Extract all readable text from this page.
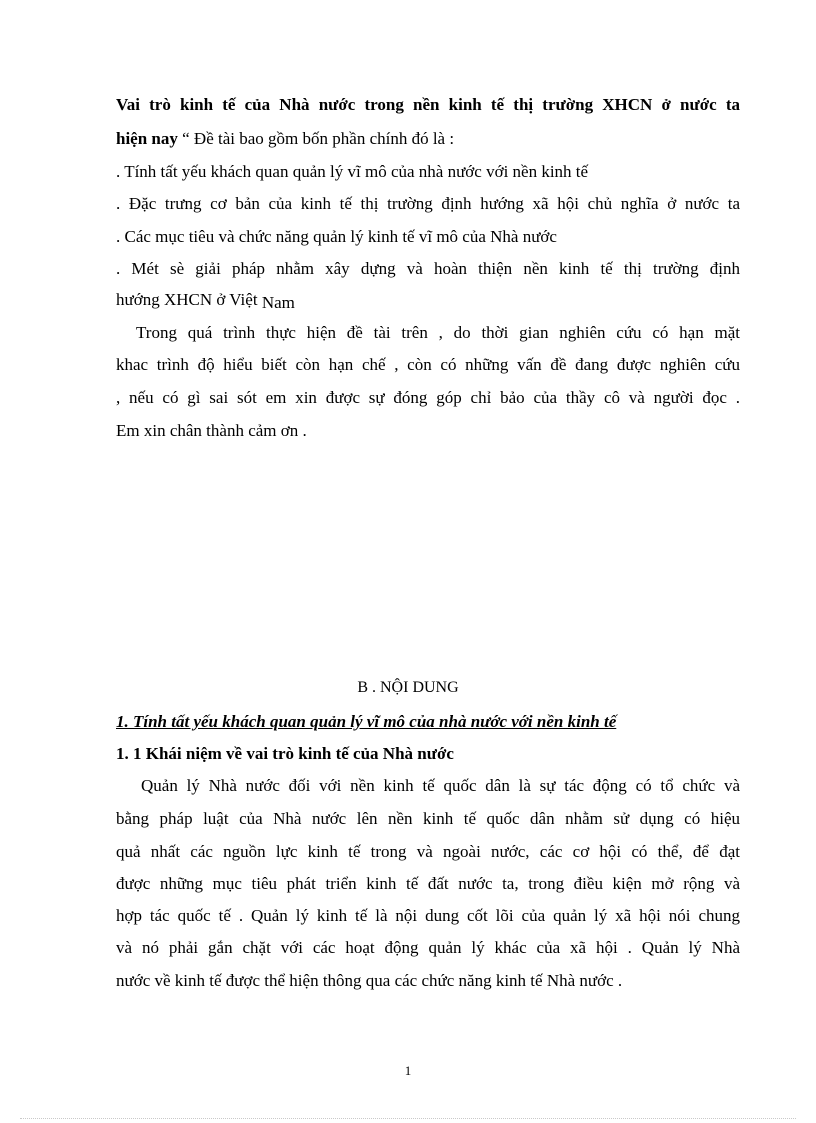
Vai trò kinh tế của Nhà nước trong nền kinh tế thị trường XHCN ở nước ta
hiện nay “ Đề tài bao gồm bốn phần chính đó là :
. Tính tất yếu khách quan quản lý vĩ mô của nhà nước với nền kinh tế
. Đặc trưng cơ bản của kinh tế thị trường định hướng xã hội chủ nghĩa ở nước ta
. Các mục tiêu và chức năng quản lý kinh tế vĩ mô của Nhà nước
. Mét sè giải pháp nhằm xây dựng và hoàn thiện nền kinh tế thị trường định
hướng XHCN ở Việt Nam
Trong quá trình thực hiện đề tài trên , do thời gian nghiên cứu có hạn mặt
khac trình độ hiểu biết còn hạn chế , còn có những vấn đề đang được nghiên cứu
, nếu có gì sai sót em xin được sự đóng góp chỉ bảo của thầy cô và người đọc .
Em xin chân thành cảm ơn .
B . NỘI DUNG
1. Tính tất yếu khách quan quản lý vĩ mô của nhà nước với nền kinh tế
1. 1 Khái niệm về vai trò kinh tế của Nhà nước
Quản lý Nhà nước đối với nền kinh tế quốc dân là sự tác động có tổ chức và
bằng pháp luật của Nhà nước lên nền kinh tế quốc dân nhằm sử dụng có hiệu
quả nhất các nguồn lực kinh tế trong và ngoài nước, các cơ hội có thể, để đạt
được những mục tiêu phát triển kinh tế đất nước ta, trong điều kiện mở rộng và
hợp tác quốc tế . Quản lý kinh tế là nội dung cốt lõi của quản lý xã hội nói chung
và nó phải gắn chặt với các hoạt động quản lý khác của xã hội . Quản lý Nhà
nước về kinh tế được thể hiện thông qua các chức năng kinh tế Nhà nước .
1
